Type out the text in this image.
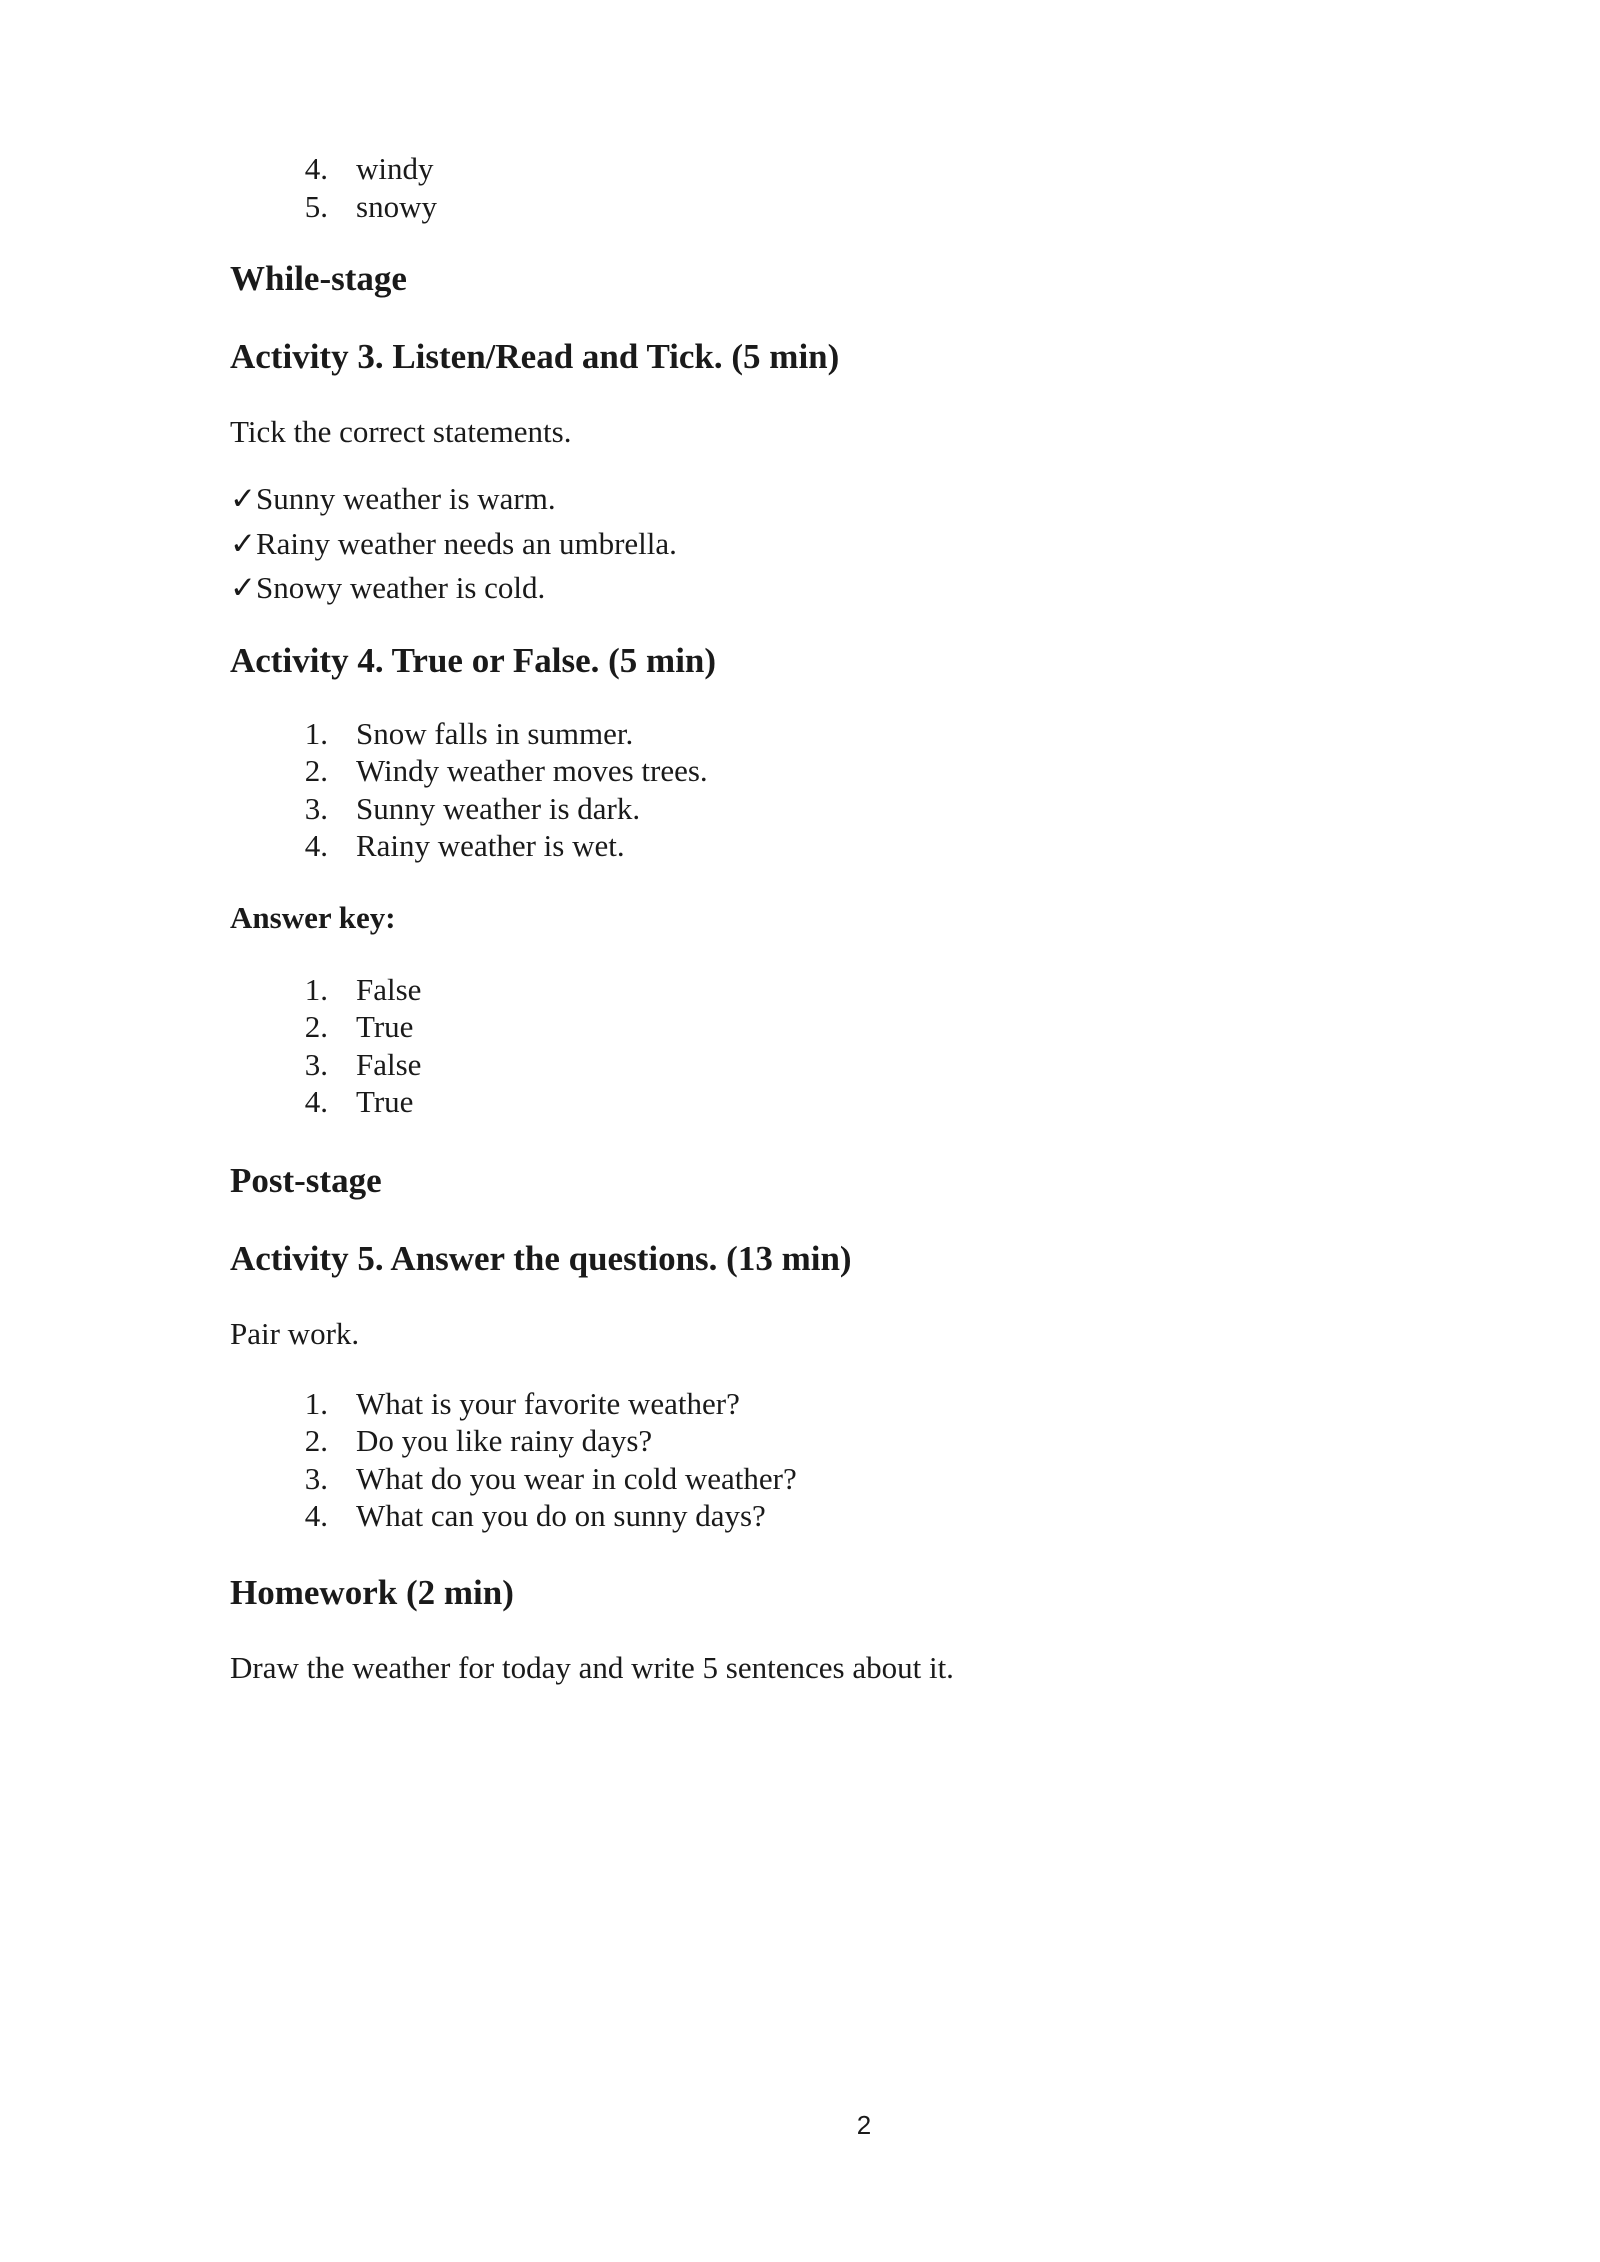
4. windy
5. snowy
While-stage
Activity 3. Listen/Read and Tick. (5 min)

Tick the correct statements.

✓Sunny weather is warm.
✓Rainy weather needs an umbrella.
✓Snowy weather is cold.
Activity 4. True or False. (5 min)
1. Snow falls in summer.
2. Windy weather moves trees.
3. Sunny weather is dark.
4. Rainy weather is wet.
Answer key:
1. False
2. True
3. False
4. True
Post-stage
Activity 5. Answer the questions. (13 min)

Pair work.

1. What is your favorite weather?
2. Do you like rainy days?
3. What do you wear in cold weather?
4. What can you do on sunny days?
Homework (2 min)

Draw the weather for today and write 5 sentences about it.

2
